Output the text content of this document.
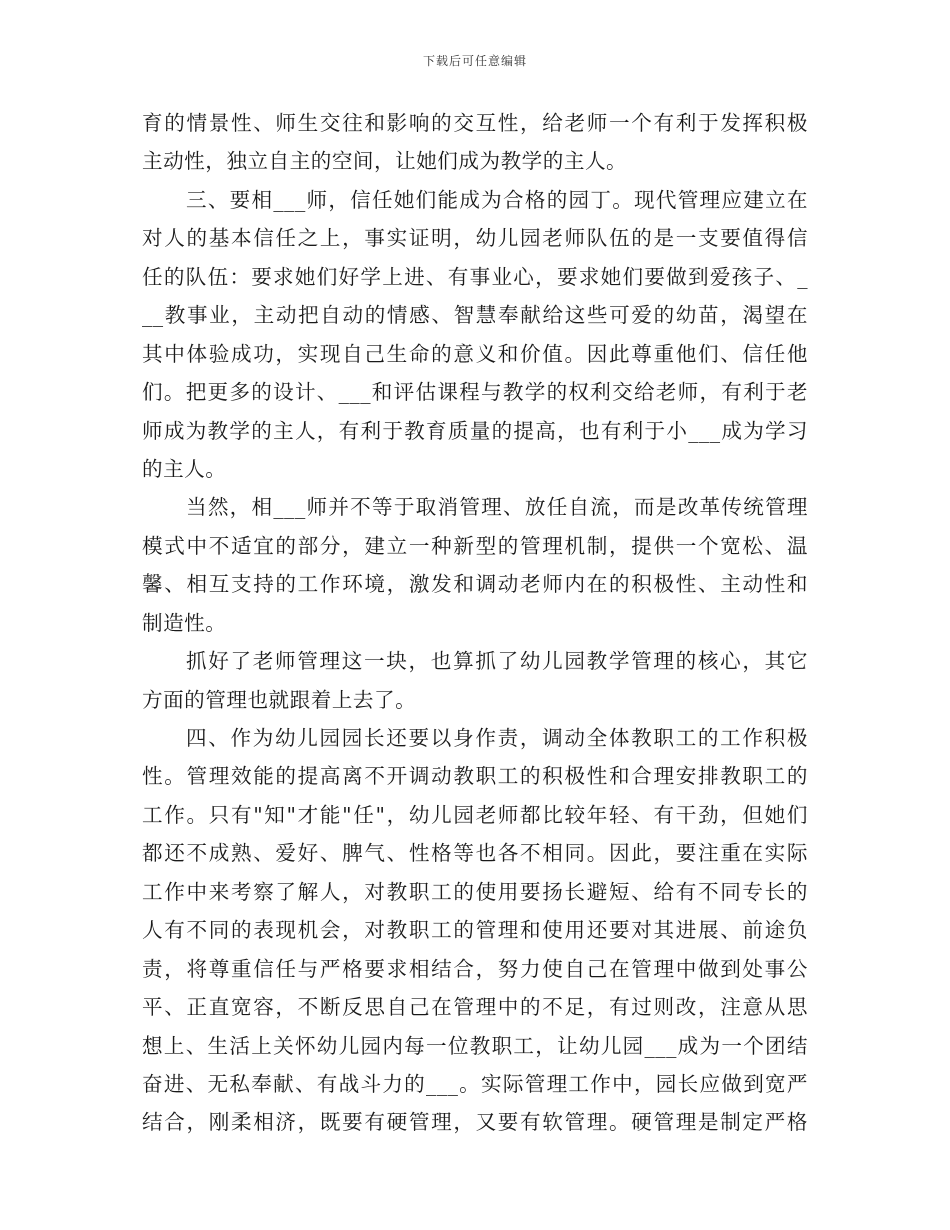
下载后可任意编辑
育的情景性、师生交往和影响的交互性，给老师一个有利于发挥积极
主动性，独立自主的空间，让她们成为教学的主人。
三、要相___师，信任她们能成为合格的园丁。现代管理应建立在
对人的基本信任之上，事实证明，幼儿园老师队伍的是一支要值得信
任的队伍：要求她们好学上进、有事业心，要求她们要做到爱孩子、_
__教事业，主动把自动的情感、智慧奉献给这些可爱的幼苗，渴望在
其中体验成功，实现自己生命的意义和价值。因此尊重他们、信任他
们。把更多的设计、___和评估课程与教学的权利交给老师，有利于老
师成为教学的主人，有利于教育质量的提高，也有利于小___成为学习
的主人。
当然，相___师并不等于取消管理、放任自流，而是改革传统管理
模式中不适宜的部分，建立一种新型的管理机制，提供一个宽松、温
馨、相互支持的工作环境，激发和调动老师内在的积极性、主动性和
制造性。
抓好了老师管理这一块，也算抓了幼儿园教学管理的核心，其它
方面的管理也就跟着上去了。
四、作为幼儿园园长还要以身作责，调动全体教职工的工作积极
性。管理效能的提高离不开调动教职工的积极性和合理安排教职工的
工作。只有"知"才能"任"，幼儿园老师都比较年轻、有干劲，但她们
都还不成熟、爱好、脾气、性格等也各不相同。因此，要注重在实际
工作中来考察了解人，对教职工的使用要扬长避短、给有不同专长的
人有不同的表现机会，对教职工的管理和使用还要对其进展、前途负
责，将尊重信任与严格要求相结合，努力使自己在管理中做到处事公
平、正直宽容，不断反思自己在管理中的不足，有过则改，注意从思
想上、生活上关怀幼儿园内每一位教职工，让幼儿园___成为一个团结
奋进、无私奉献、有战斗力的___。实际管理工作中，园长应做到宽严
结合，刚柔相济，既要有硬管理，又要有软管理。硬管理是制定严格
